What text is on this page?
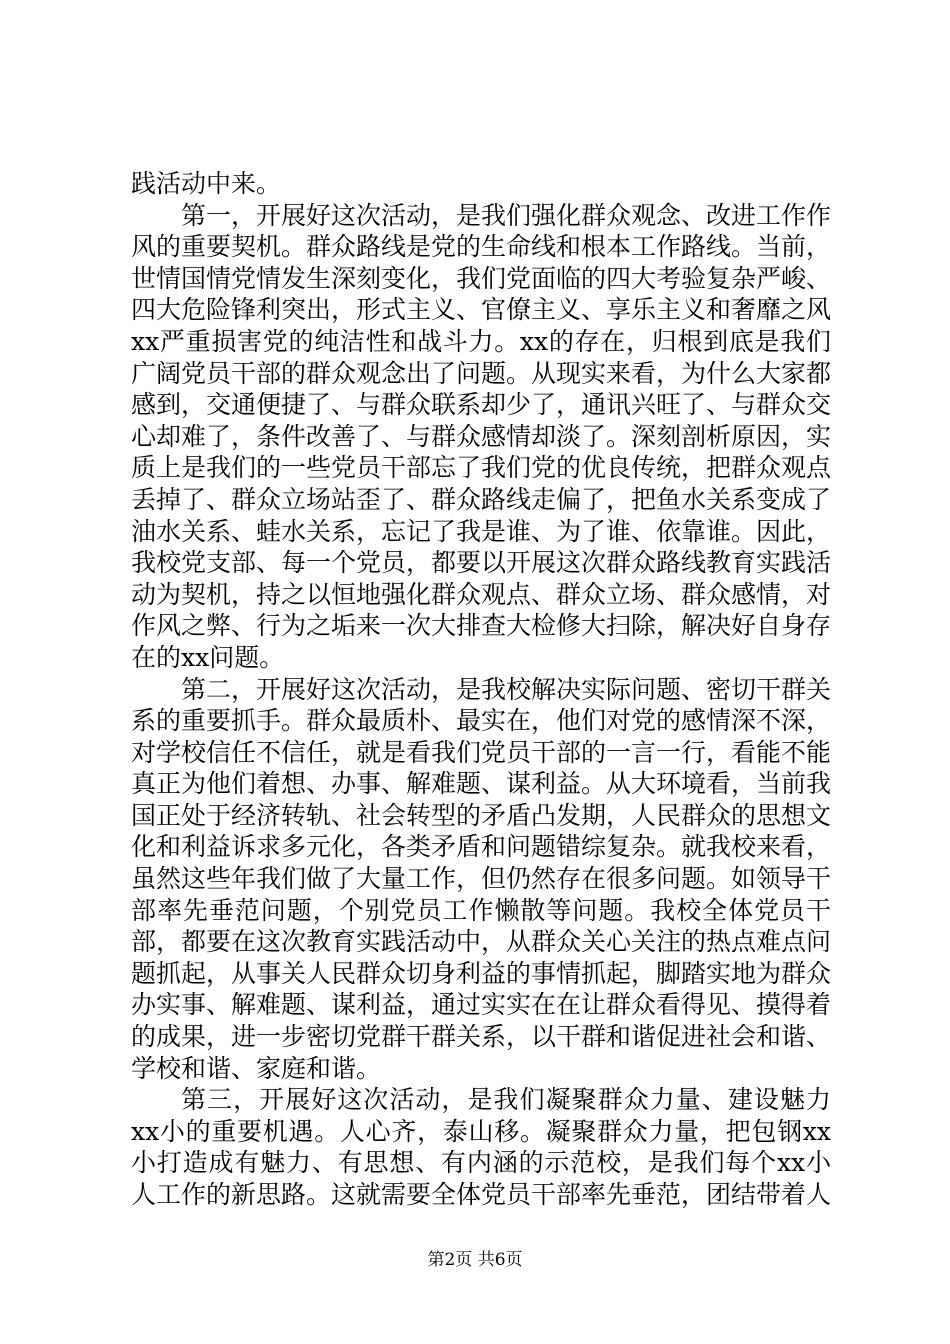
践活动中来。

第一，开展好这次活动，是我们强化群众观念、改进工作作风的重要契机。群众路线是党的生命线和根本工作路线。当前，世情国情党情发生深刻变化，我们党面临的四大考验复杂严峻、四大危险锋利突出，形式主义、官僚主义、享乐主义和奢靡之风xx严重损害党的纯洁性和战斗力。xx的存在，归根到底是我们广阔党员干部的群众观念出了问题。从现实来看，为什么大家都感到，交通便捷了、与群众联系却少了，通讯兴旺了、与群众交心却难了，条件改善了、与群众感情却淡了。深刻剖析原因，实质上是我们的一些党员干部忘了我们党的优良传统，把群众观点丢掉了、群众立场站歪了、群众路线走偏了，把鱼水关系变成了油水关系、蛙水关系，忘记了我是谁、为了谁、依靠谁。因此，我校党支部、每一个党员，都要以开展这次群众路线教育实践活动为契机，持之以恒地强化群众观点、群众立场、群众感情，对作风之弊、行为之垢来一次大排查大检修大扫除，解决好自身存在的xx问题。

第二，开展好这次活动，是我校解决实际问题、密切干群关系的重要抓手。群众最质朴、最实在，他们对党的感情深不深，对学校信任不信任，就是看我们党员干部的一言一行，看能不能真正为他们着想、办事、解难题、谋利益。从大环境看，当前我国正处于经济转轨、社会转型的矛盾凸发期，人民群众的思想文化和利益诉求多元化，各类矛盾和问题错综复杂。就我校来看，虽然这些年我们做了大量工作，但仍然存在很多问题。如领导干部率先垂范问题，个别党员工作懒散等问题。我校全体党员干部，都要在这次教育实践活动中，从群众关心关注的热点难点问题抓起，从事关人民群众切身利益的事情抓起，脚踏实地为群众办实事、解难题、谋利益，通过实实在在让群众看得见、摸得着的成果，进一步密切党群干群关系，以干群和谐促进社会和谐、学校和谐、家庭和谐。

第三，开展好这次活动，是我们凝聚群众力量、建设魅力xx小的重要机遇。人心齐，泰山移。凝聚群众力量，把包钢xx小打造成有魅力、有思想、有内涵的示范校，是我们每个xx小人工作的新思路。这就需要全体党员干部率先垂范，团结带着人

第2页 共6页
